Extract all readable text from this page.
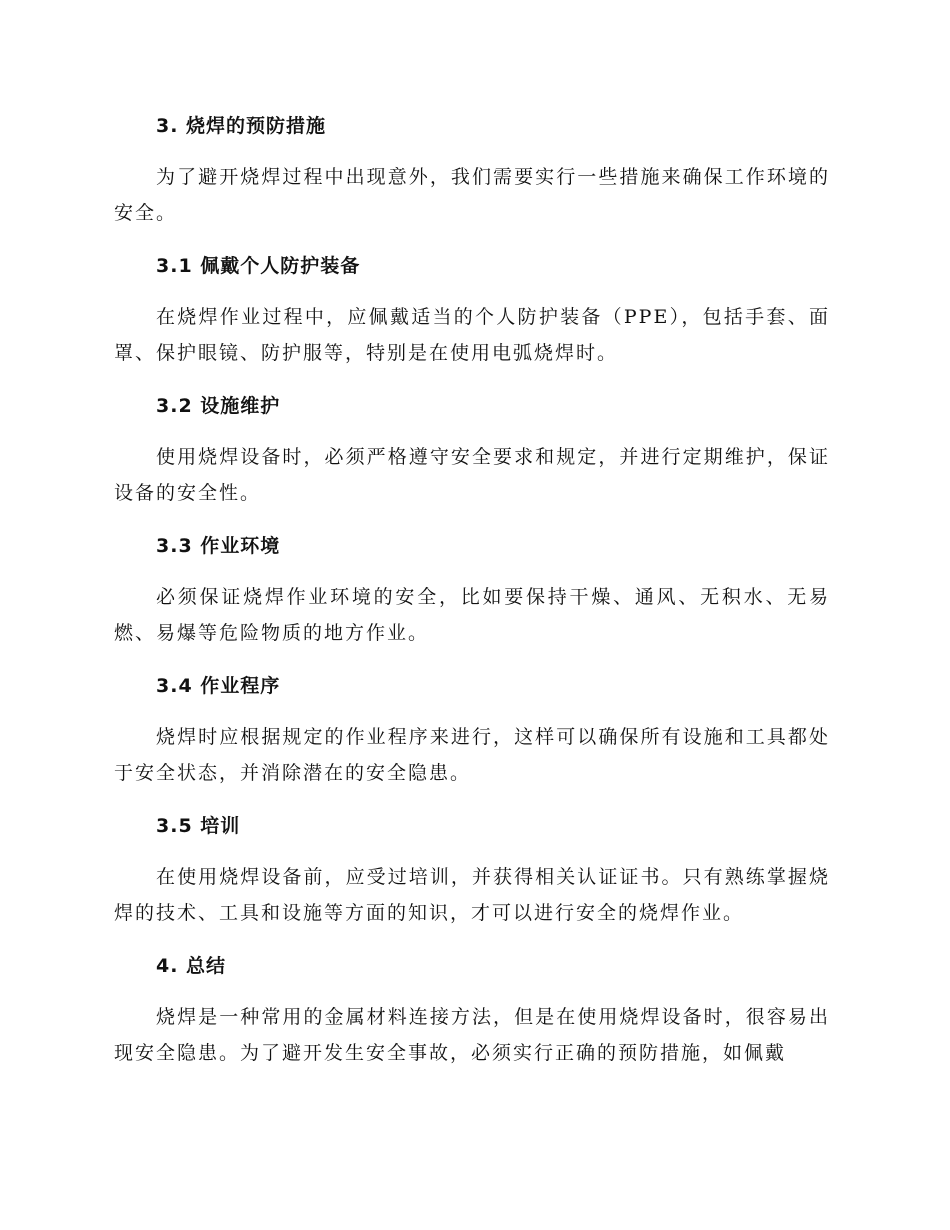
3. 烧焊的预防措施

为了避开烧焊过程中出现意外，我们需要实行一些措施来确保工作环境的安全。

3.1 佩戴个人防护装备

在烧焊作业过程中，应佩戴适当的个人防护装备（PPE），包括手套、面罩、保护眼镜、防护服等，特别是在使用电弧烧焊时。

3.2 设施维护

使用烧焊设备时，必须严格遵守安全要求和规定，并进行定期维护，保证设备的安全性。

3.3 作业环境

必须保证烧焊作业环境的安全，比如要保持干燥、通风、无积水、无易燃、易爆等危险物质的地方作业。

3.4 作业程序

烧焊时应根据规定的作业程序来进行，这样可以确保所有设施和工具都处于安全状态，并消除潜在的安全隐患。

3.5 培训

在使用烧焊设备前，应受过培训，并获得相关认证证书。只有熟练掌握烧焊的技术、工具和设施等方面的知识，才可以进行安全的烧焊作业。

4. 总结

烧焊是一种常用的金属材料连接方法，但是在使用烧焊设备时，很容易出现安全隐患。为了避开发生安全事故，必须实行正确的预防措施，如佩戴
